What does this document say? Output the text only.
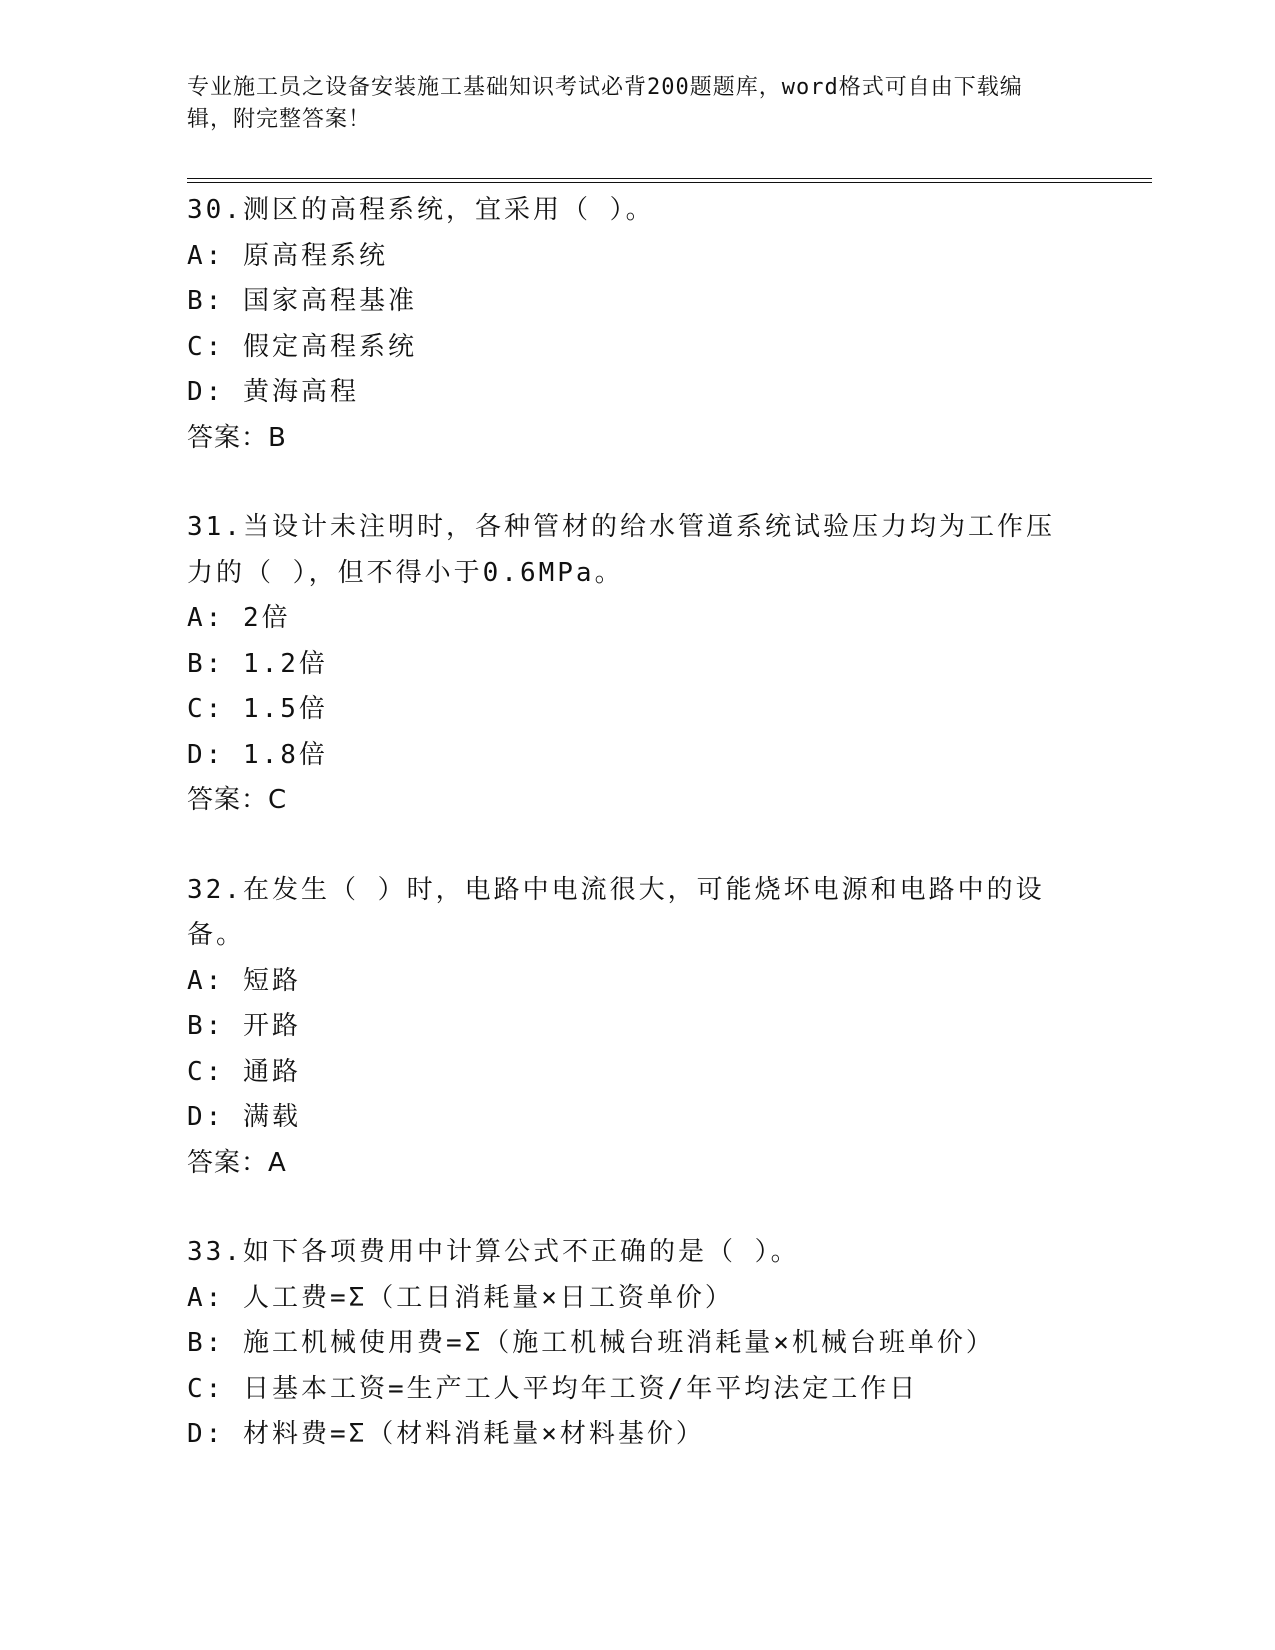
专业施工员之设备安装施工基础知识考试必背200题题库，word格式可自由下载编辑，附完整答案！
30.测区的高程系统，宜采用（ ）。
A: 原高程系统
B: 国家高程基准
C: 假定高程系统
D: 黄海高程
答案：B
31.当设计未注明时，各种管材的给水管道系统试验压力均为工作压力的（ ），但不得小于0.6MPa。
A: 2倍
B: 1.2倍
C: 1.5倍
D: 1.8倍
答案：C
32.在发生（ ）时，电路中电流很大，可能烧坏电源和电路中的设备。
A: 短路
B: 开路
C: 通路
D: 满载
答案：A
33.如下各项费用中计算公式不正确的是（ ）。
A: 人工费=Σ（工日消耗量×日工资单价）
B: 施工机械使用费=Σ（施工机械台班消耗量×机械台班单价）
C: 日基本工资=生产工人平均年工资/年平均法定工作日
D: 材料费=Σ（材料消耗量×材料基价）
